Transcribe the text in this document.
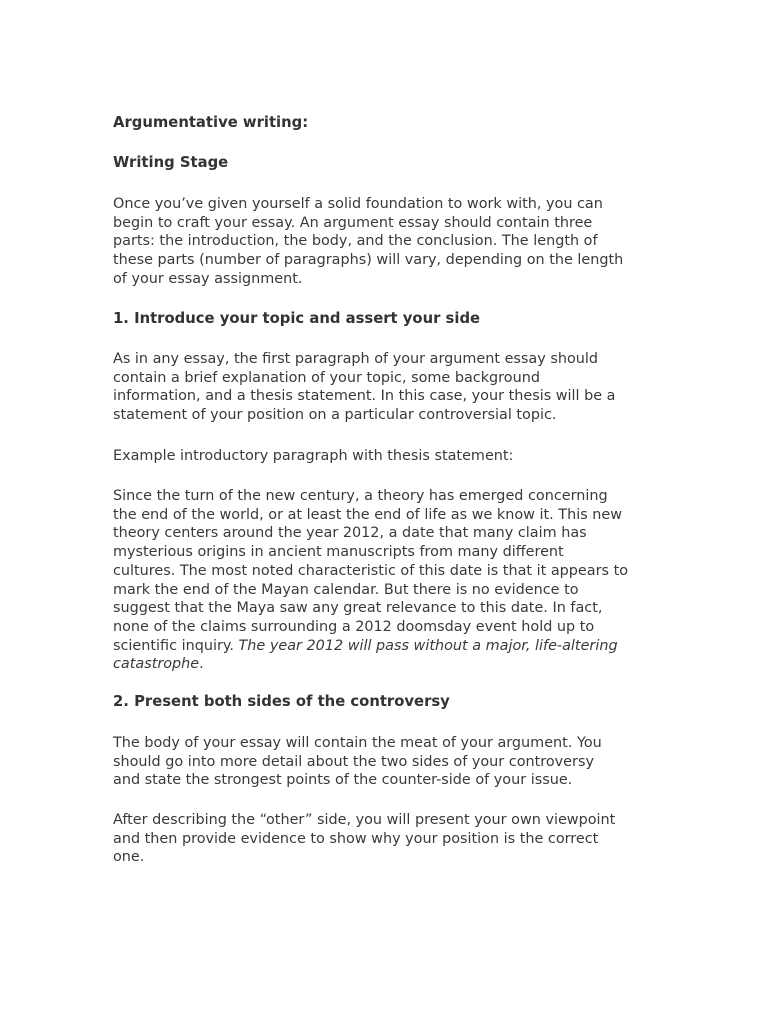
Argumentative writing:

Writing Stage

Once you’ve given yourself a solid foundation to work with, you can
begin to craft your essay. An argument essay should contain three
parts: the introduction, the body, and the conclusion. The length of
these parts (number of paragraphs) will vary, depending on the length
of your essay assignment.

1. Introduce your topic and assert your side

As in any essay, the first paragraph of your argument essay should
contain a brief explanation of your topic, some background
information, and a thesis statement. In this case, your thesis will be a
statement of your position on a particular controversial topic.

Example introductory paragraph with thesis statement:

Since the turn of the new century, a theory has emerged concerning
the end of the world, or at least the end of life as we know it. This new
theory centers around the year 2012, a date that many claim has
mysterious origins in ancient manuscripts from many different
cultures. The most noted characteristic of this date is that it appears to
mark the end of the Mayan calendar. But there is no evidence to
suggest that the Maya saw any great relevance to this date. In fact,
none of the claims surrounding a 2012 doomsday event hold up to
scientific inquiry. The year 2012 will pass without a major, life-altering
catastrophe.

2. Present both sides of the controversy

The body of your essay will contain the meat of your argument. You
should go into more detail about the two sides of your controversy
and state the strongest points of the counter-side of your issue.
After describing the “other” side, you will present your own viewpoint
and then provide evidence to show why your position is the correct
one.
